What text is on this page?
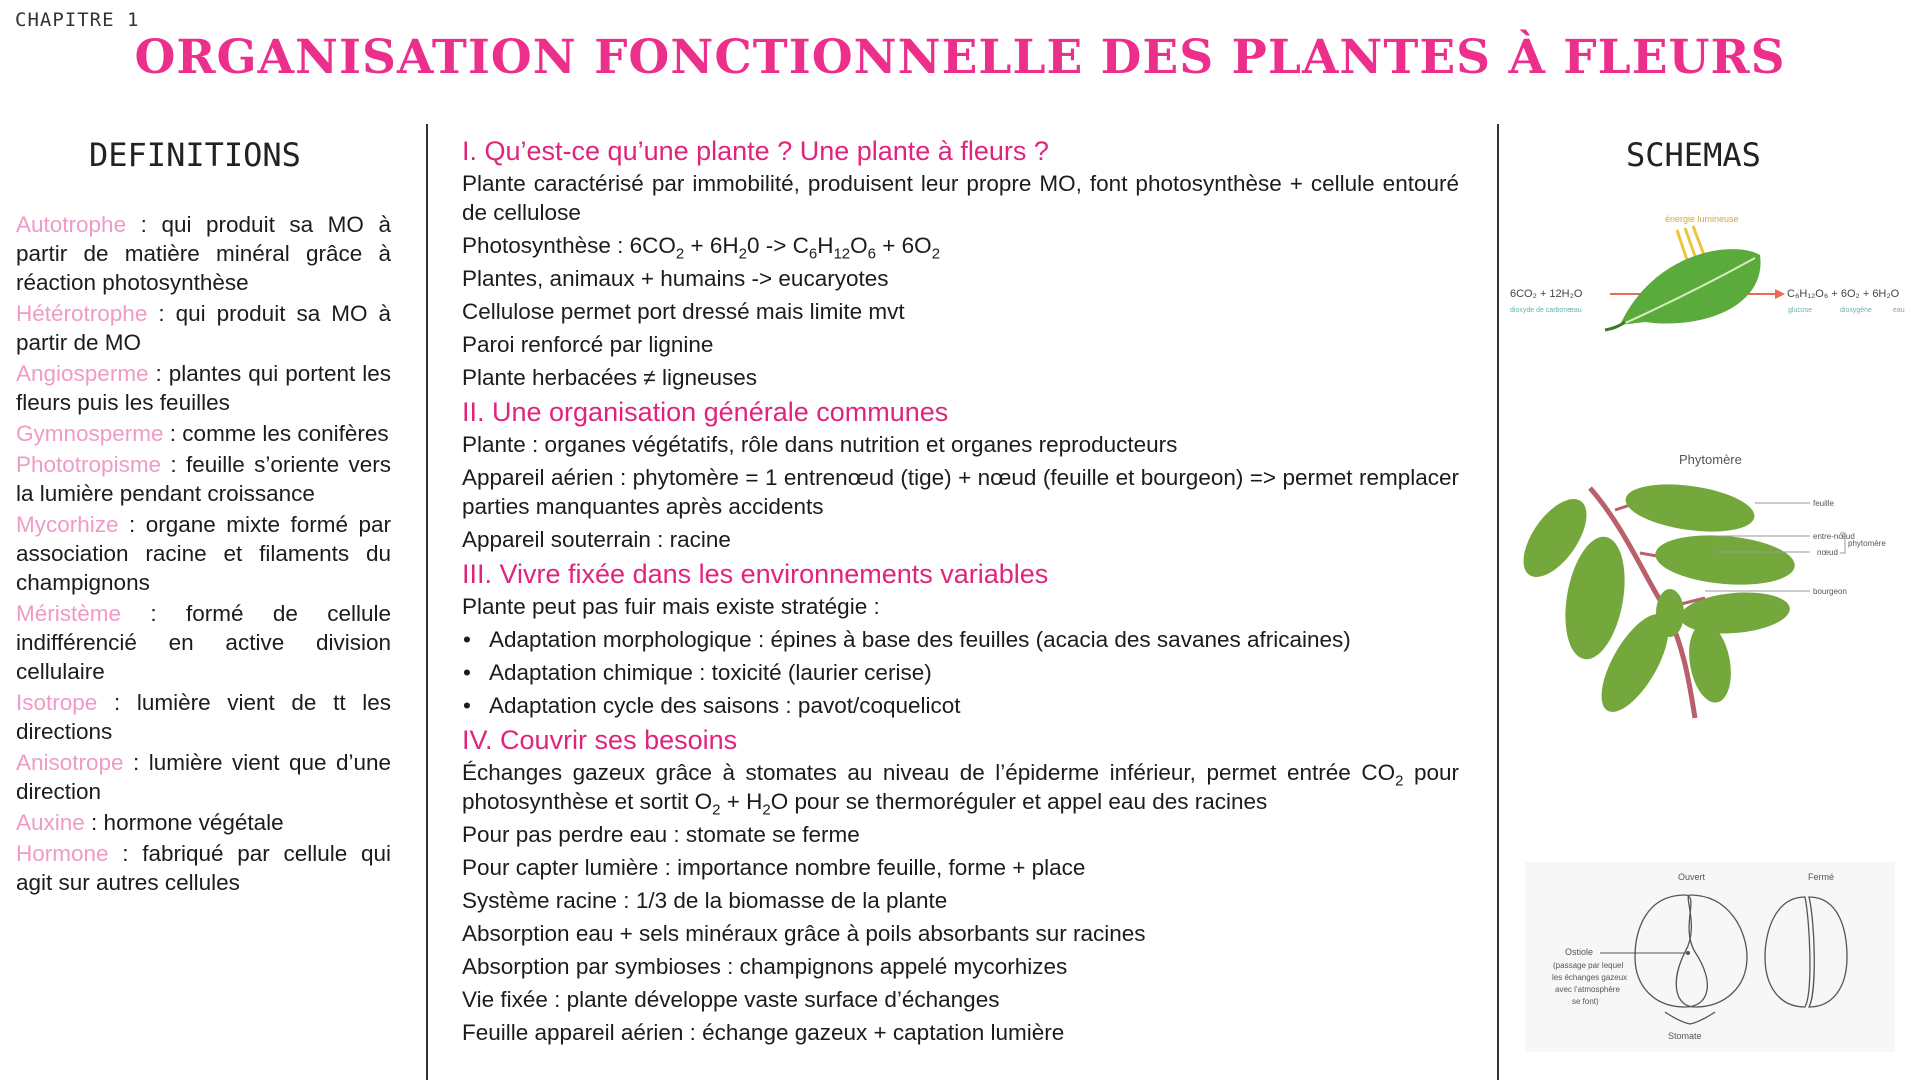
CHAPITRE 1
ORGANISATION FONCTIONNELLE DES PLANTES À FLEURS
DEFINITIONS
Autotrophe : qui produit sa MO à partir de matière minéral grâce à réaction photosynthèse
Hétérotrophe : qui produit sa MO à partir de MO
Angiosperme : plantes qui portent les fleurs puis les feuilles
Gymnosperme : comme les conifères
Phototropisme : feuille s’oriente vers la lumière pendant croissance
Mycorhize : organe mixte formé par association racine et filaments du champignons
Méristème : formé de cellule indifférencié en active division cellulaire
Isotrope : lumière vient de tt les directions
Anisotrope : lumière vient que d’une direction
Auxine : hormone végétale
Hormone : fabriqué par cellule qui agit sur autres cellules
I. Qu’est-ce qu’une plante ? Une plante à fleurs ?
Plante caractérisé par immobilité, produisent leur propre MO, font photosynthèse + cellule entouré de cellulose
Photosynthèse : $6CO_2 + 6H_20 -> C_6H_{12}O_6 + 6O_2$
Plantes, animaux + humains -> eucaryotes
Cellulose permet port dressé mais limite mvt
Paroi renforcé par lignine
Plante herbacées ≠ ligneuses
II. Une organisation générale communes
Plante : organes végétatifs, rôle dans nutrition et organes reproducteurs
Appareil aérien : phytomère = 1 entrenœud (tige) + nœud (feuille et bourgeon) => permet remplacer parties manquantes après accidents
Appareil souterrain : racine
III. Vivre fixée dans les environnements variables
Plante peut pas fuir mais existe stratégie :
• Adaptation morphologique : épines à base des feuilles (acacia des savanes africaines)
• Adaptation chimique : toxicité (laurier cerise)
• Adaptation cycle des saisons : pavot/coquelicot
IV. Couvrir ses besoins
Échanges gazeux grâce à stomates au niveau de l’épiderme inférieur, permet entrée $CO_2$ pour photosynthèse et sortit $O_2 + H_2O$ pour se thermoréguler et appel eau des racines
Pour pas perdre eau : stomate se ferme
Pour capter lumière : importance nombre feuille, forme + place
Système racine : 1/3 de la biomasse de la plante
Absorption eau + sels minéraux grâce à poils absorbants sur racines
Absorption par symbioses : champignons appelé mycorhizes
Vie fixée : plante développe vaste surface d’échanges
Feuille appareil aérien : échange gazeux + captation lumière
SCHEMAS
énergie lumineuse
6CO₂ + 12H₂O
dioxyde de carbone
eau
C₆H₁₂O₆ + 6O₂ + 6H₂O
glucose	dioxygène	eau
Phytomère
feuille
entre-nœud
nœud
phytomère
bourgeon
Ouvert	Fermé
Ostiole
(passage par lequel
les échanges gazeux
avec l’atmosphère
se font)
Stomate
